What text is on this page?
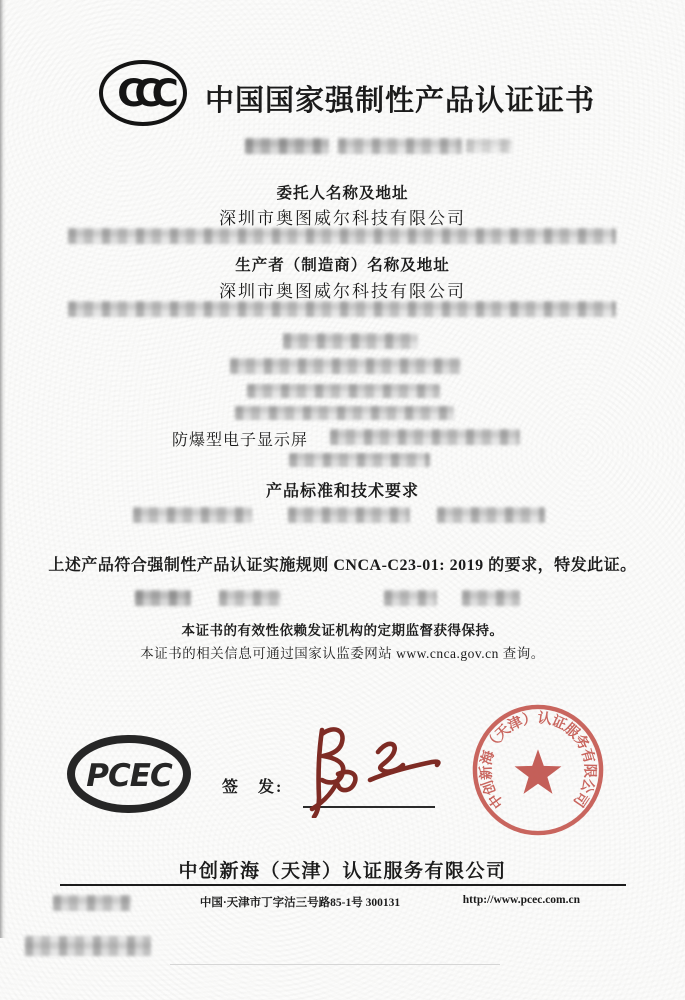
CCC 中国国家强制性产品认证证书
委托人名称及地址
深圳市奥图威尔科技有限公司
生产者（制造商）名称及地址
深圳市奥图威尔科技有限公司
防爆型电子显示屏
产品标准和技术要求
上述产品符合强制性产品认证实施规则 CNCA-C23-01: 2019 的要求，特发此证。
本证书的有效性依赖发证机构的定期监督获得保持。
本证书的相关信息可通过国家认监委网站 www.cnca.gov.cn 查询。
PCEC	签　发:
中创新海（天津）认证服务有限公司
中创新海（天津）认证服务有限公司
中国·天津市丁字沽三号路85-1号 300131	http://www.pcec.com.cn
